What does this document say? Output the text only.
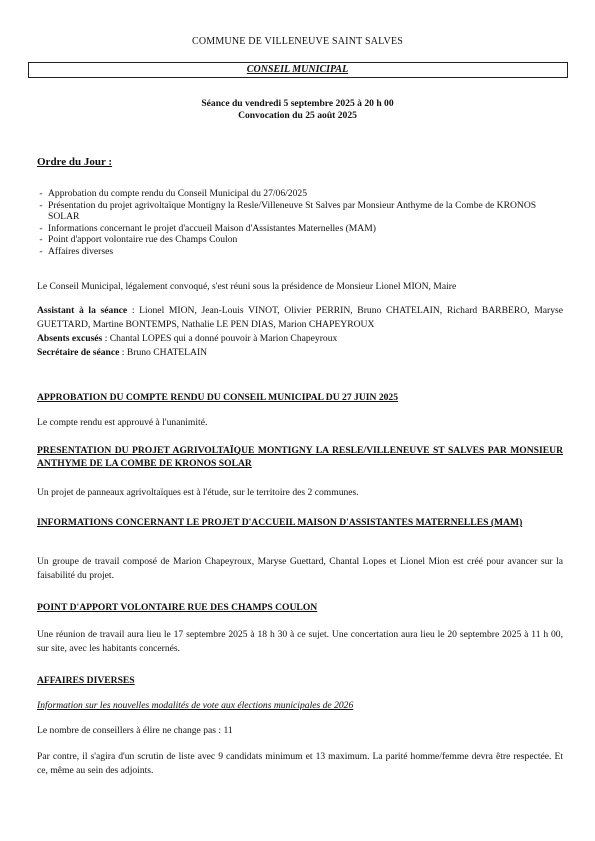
COMMUNE DE VILLENEUVE SAINT SALVES
CONSEIL MUNICIPAL
Séance du vendredi 5 septembre 2025 à 20 h 00
Convocation du 25 août 2025
Ordre du Jour :
- Approbation du compte rendu du Conseil Municipal du 27/06/2025
- Présentation du projet agrivoltaïque Montigny la Resle/Villeneuve St Salves par Monsieur Anthyme de la Combe de KRONOS SOLAR
- Informations concernant le projet d'accueil Maison d'Assistantes Maternelles (MAM)
- Point d'apport volontaire rue des Champs Coulon
- Affaires diverses
Le Conseil Municipal, légalement convoqué, s'est réuni sous la présidence de Monsieur Lionel MION, Maire
Assistant à la séance : Lionel MION, Jean-Louis VINOT, Olivier PERRIN, Bruno CHATELAIN, Richard BARBERO, Maryse GUETTARD, Martine BONTEMPS, Nathalie LE PEN DIAS, Marion CHAPEYROUX
Absents excusés : Chantal LOPES qui a donné pouvoir à Marion Chapeyroux
Secrétaire de séance : Bruno CHATELAIN
APPROBATION DU COMPTE RENDU DU CONSEIL MUNICIPAL DU 27 JUIN 2025
Le compte rendu est approuvé à l'unanimité.
PRESENTATION DU PROJET AGRIVOLTAÏQUE MONTIGNY LA RESLE/VILLENEUVE ST SALVES PAR MONSIEUR ANTHYME DE LA COMBE DE KRONOS SOLAR
Un projet de panneaux agrivoltaïques est à l'étude, sur le territoire des 2 communes.
INFORMATIONS CONCERNANT LE PROJET D'ACCUEIL MAISON D'ASSISTANTES MATERNELLES (MAM)
Un groupe de travail composé de Marion Chapeyroux, Maryse Guettard, Chantal Lopes et Lionel Mion est créé pour avancer sur la faisabilité du projet.
POINT D'APPORT VOLONTAIRE RUE DES CHAMPS COULON
Une réunion de travail aura lieu le 17 septembre 2025 à 18 h 30 à ce sujet. Une concertation aura lieu le 20 septembre 2025 à 11 h 00, sur site, avec les habitants concernés.
AFFAIRES DIVERSES
Information sur les nouvelles modalités de vote aux élections municipales de 2026
Le nombre de conseillers à élire ne change pas : 11
Par contre, il s'agira d'un scrutin de liste avec 9 candidats minimum et 13 maximum. La parité homme/femme devra être respectée. Et ce, même au sein des adjoints.
